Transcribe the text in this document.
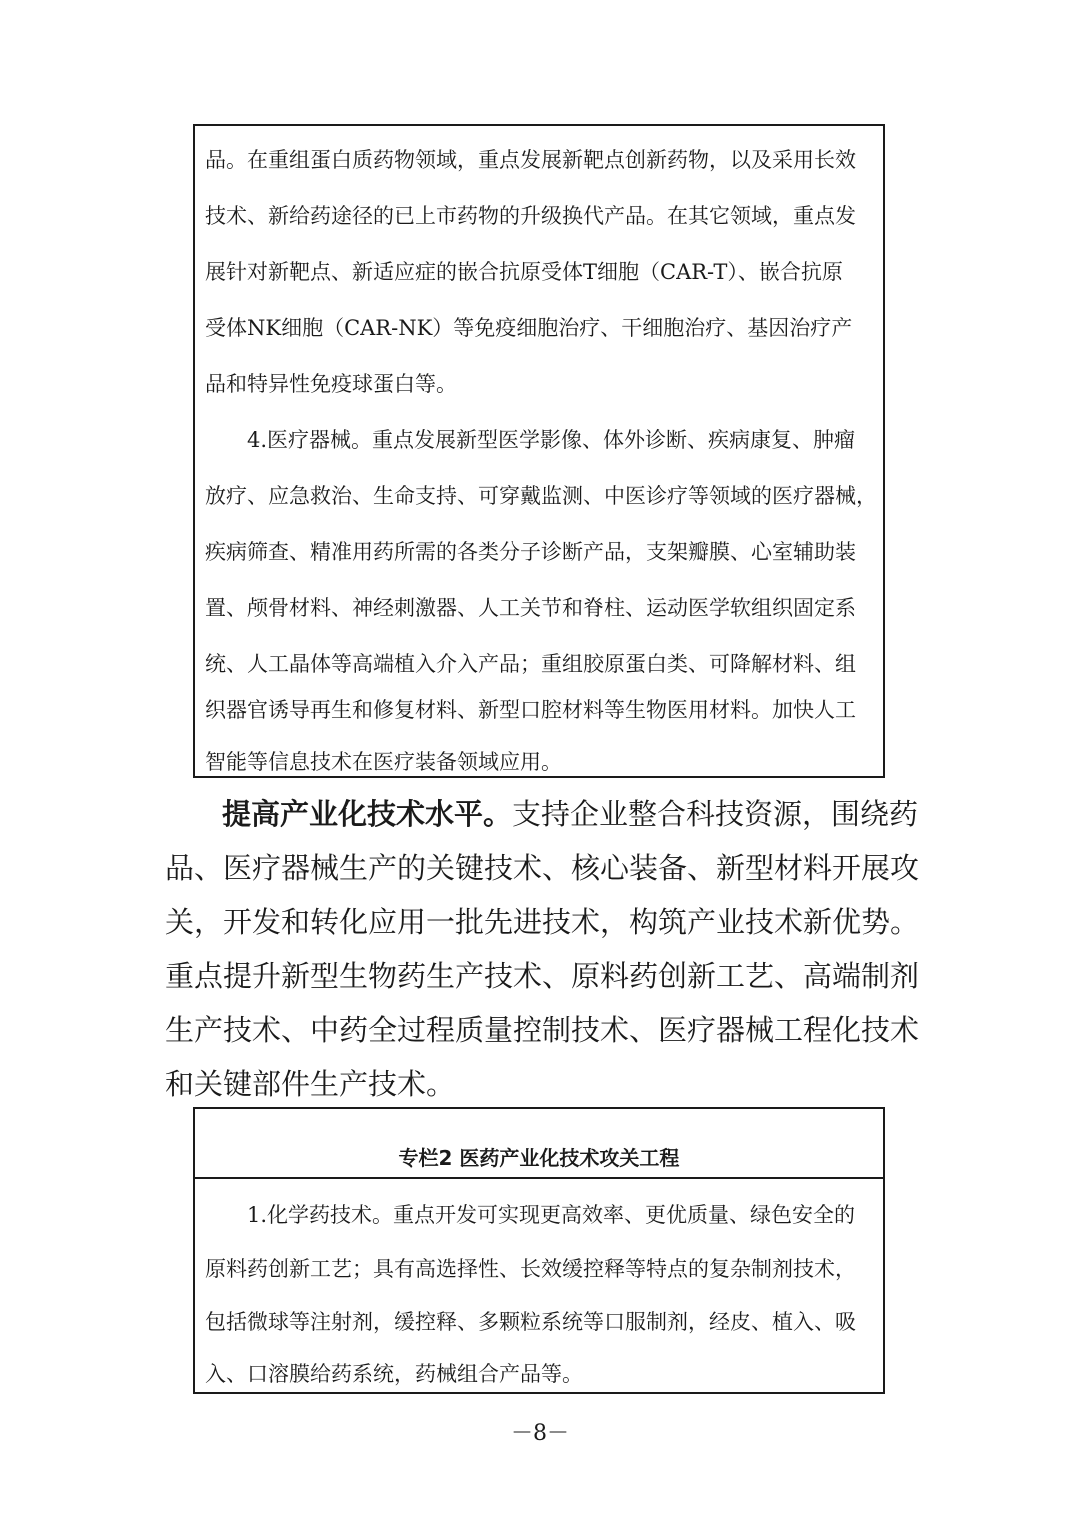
品。在重组蛋白质药物领域，重点发展新靶点创新药物，以及采用长效
技术、新给药途径的已上市药物的升级换代产品。在其它领域，重点发
展针对新靶点、新适应症的嵌合抗原受体T细胞（CAR-T）、嵌合抗原
受体NK细胞（CAR-NK）等免疫细胞治疗、干细胞治疗、基因治疗产
品和特异性免疫球蛋白等。
4.医疗器械。重点发展新型医学影像、体外诊断、疾病康复、肿瘤
放疗、应急救治、生命支持、可穿戴监测、中医诊疗等领域的医疗器械，
疾病筛查、精准用药所需的各类分子诊断产品，支架瓣膜、心室辅助装
置、颅骨材料、神经刺激器、人工关节和脊柱、运动医学软组织固定系
统、人工晶体等高端植入介入产品；重组胶原蛋白类、可降解材料、组
织器官诱导再生和修复材料、新型口腔材料等生物医用材料。加快人工
智能等信息技术在医疗装备领域应用。
提高产业化技术水平。支持企业整合科技资源，围绕药
品、医疗器械生产的关键技术、核心装备、新型材料开展攻
关，开发和转化应用一批先进技术，构筑产业技术新优势。
重点提升新型生物药生产技术、原料药创新工艺、高端制剂
生产技术、中药全过程质量控制技术、医疗器械工程化技术
和关键部件生产技术。
专栏2 医药产业化技术攻关工程
1.化学药技术。重点开发可实现更高效率、更优质量、绿色安全的
原料药创新工艺；具有高选择性、长效缓控释等特点的复杂制剂技术，
包括微球等注射剂，缓控释、多颗粒系统等口服制剂，经皮、植入、吸
入、口溶膜给药系统，药械组合产品等。
－8－
